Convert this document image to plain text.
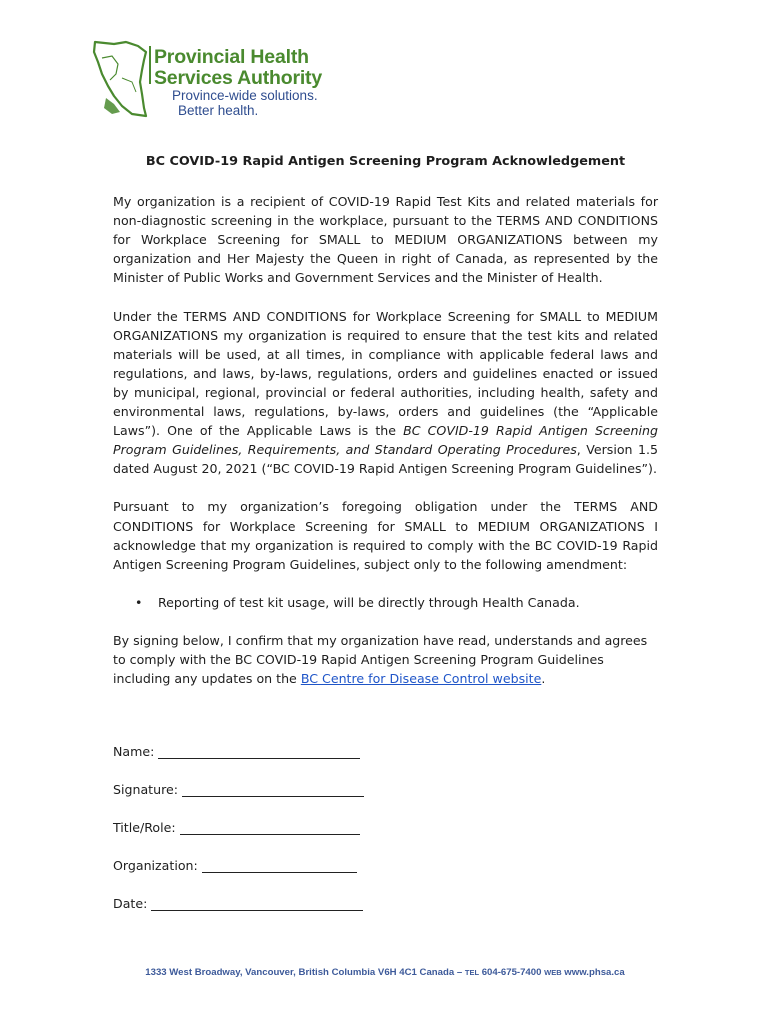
Provincial Health
Services Authority
Province-wide solutions.
Better health.
BC COVID-19 Rapid Antigen Screening Program Acknowledgement

My organization is a recipient of COVID-19 Rapid Test Kits and related materials for non-diagnostic screening in the workplace, pursuant to the TERMS AND CONDITIONS for Workplace Screening for SMALL to MEDIUM ORGANIZATIONS between my organization and Her Majesty the Queen in right of Canada, as represented by the Minister of Public Works and Government Services and the Minister of Health.

Under the TERMS AND CONDITIONS for Workplace Screening for SMALL to MEDIUM ORGANIZATIONS my organization is required to ensure that the test kits and related materials will be used, at all times, in compliance with applicable federal laws and regulations, and laws, by-laws, regulations, orders and guidelines enacted or issued by municipal, regional, provincial or federal authorities, including health, safety and environmental laws, regulations, by-laws, orders and guidelines (the “Applicable Laws”). One of the Applicable Laws is the BC COVID-19 Rapid Antigen Screening Program Guidelines, Requirements, and Standard Operating Procedures, Version 1.5 dated August 20, 2021 (“BC COVID-19 Rapid Antigen Screening Program Guidelines”).

Pursuant to my organization’s foregoing obligation under the TERMS AND CONDITIONS for Workplace Screening for SMALL to MEDIUM ORGANIZATIONS I acknowledge that my organization is required to comply with the BC COVID-19 Rapid Antigen Screening Program Guidelines, subject only to the following amendment:

• Reporting of test kit usage, will be directly through Health Canada.

By signing below, I confirm that my organization have read, understands and agrees to comply with the BC COVID-19 Rapid Antigen Screening Program Guidelines including any updates on the BC Centre for Disease Control website.

Name:
Signature:
Title/Role:
Organization:
Date:
1333 West Broadway, Vancouver, British Columbia V6H 4C1 Canada – TEL 604-675-7400 WEB www.phsa.ca
